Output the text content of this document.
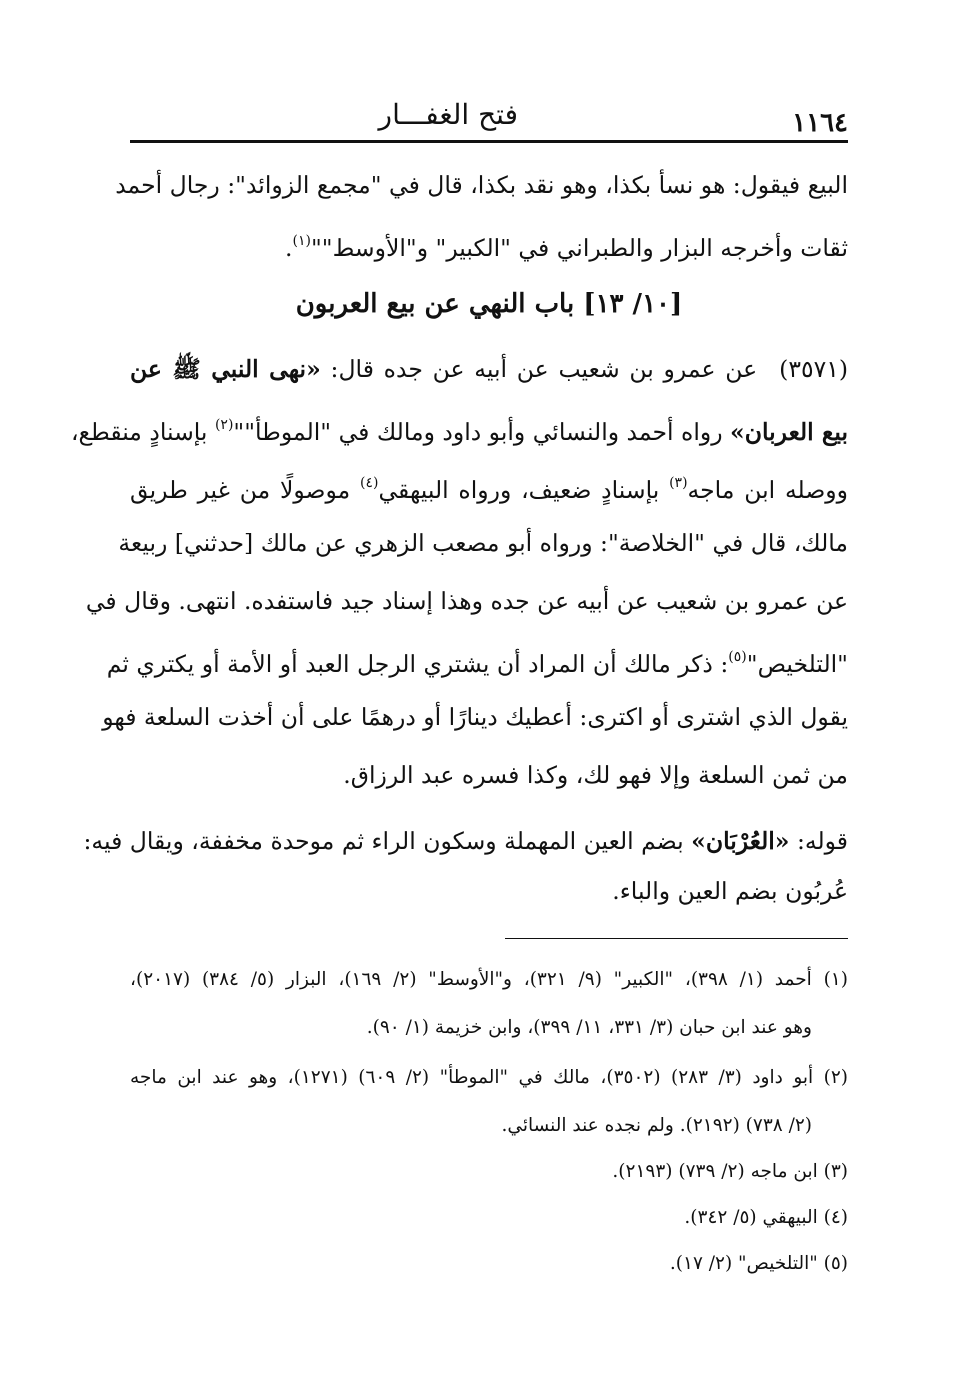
١١٦٤
فتح الغفـــار
البيع فيقول: هو نسأ بكذا، وهو نقد بكذا، قال في "مجمع الزوائد": رجال أحمد
ثقات وأخرجه البزار والطبراني في "الكبير" و"الأوسط""$^{(١)}$.
[١٠/ ١٣] باب النهي عن بيع العربون
(٣٥٧١)عن عمرو بن شعيب عن أبيه عن جده قال: «نهى النبي ﷺ عن
بيع العربان» رواه أحمد والنسائي وأبو داود ومالك في "الموطأ""$^{(٢)}$ بإسنادٍ منقطع،
ووصله ابن ماجه$^{(٣)}$ بإسنادٍ ضعيف، ورواه البيهقي$^{(٤)}$ موصولًا من غير طريق
مالك، قال في "الخلاصة": ورواه أبو مصعب الزهري عن مالك [حدثني] ربيعة
عن عمرو بن شعيب عن أبيه عن جده وهذا إسناد جيد فاستفده. انتهى. وقال في
"التلخيص"$^{(٥)}$: ذكر مالك أن المراد أن يشتري الرجل العبد أو الأمة أو يكتري ثم
يقول الذي اشترى أو اكترى: أعطيك دينارًا أو درهمًا على أن أخذت السلعة فهو
من ثمن السلعة وإلا فهو لك، وكذا فسره عبد الرزاق.
قوله: «العُرْبَان» بضم العين المهملة وسكون الراء ثم موحدة مخففة، ويقال فيه:
عُربُون بضم العين والباء.
(١) أحمد (١/ ٣٩٨)، "الكبير" (٩/ ٣٢١)، و"الأوسط" (٢/ ١٦٩)، البزار (٥/ ٣٨٤) (٢٠١٧)،
وهو عند ابن حبان (٣/ ٣٣١، ١١/ ٣٩٩)، وابن خزيمة (١/ ٩٠).
(٢) أبو داود (٣/ ٢٨٣) (٣٥٠٢)، مالك في "الموطأ" (٢/ ٦٠٩) (١٢٧١)، وهو عند ابن ماجه
(٢/ ٧٣٨) (٢١٩٢). ولم نجده عند النسائي.
(٣) ابن ماجه (٢/ ٧٣٩) (٢١٩٣).
(٤) البيهقي (٥/ ٣٤٢).
(٥) "التلخيص" (٢/ ١٧).
